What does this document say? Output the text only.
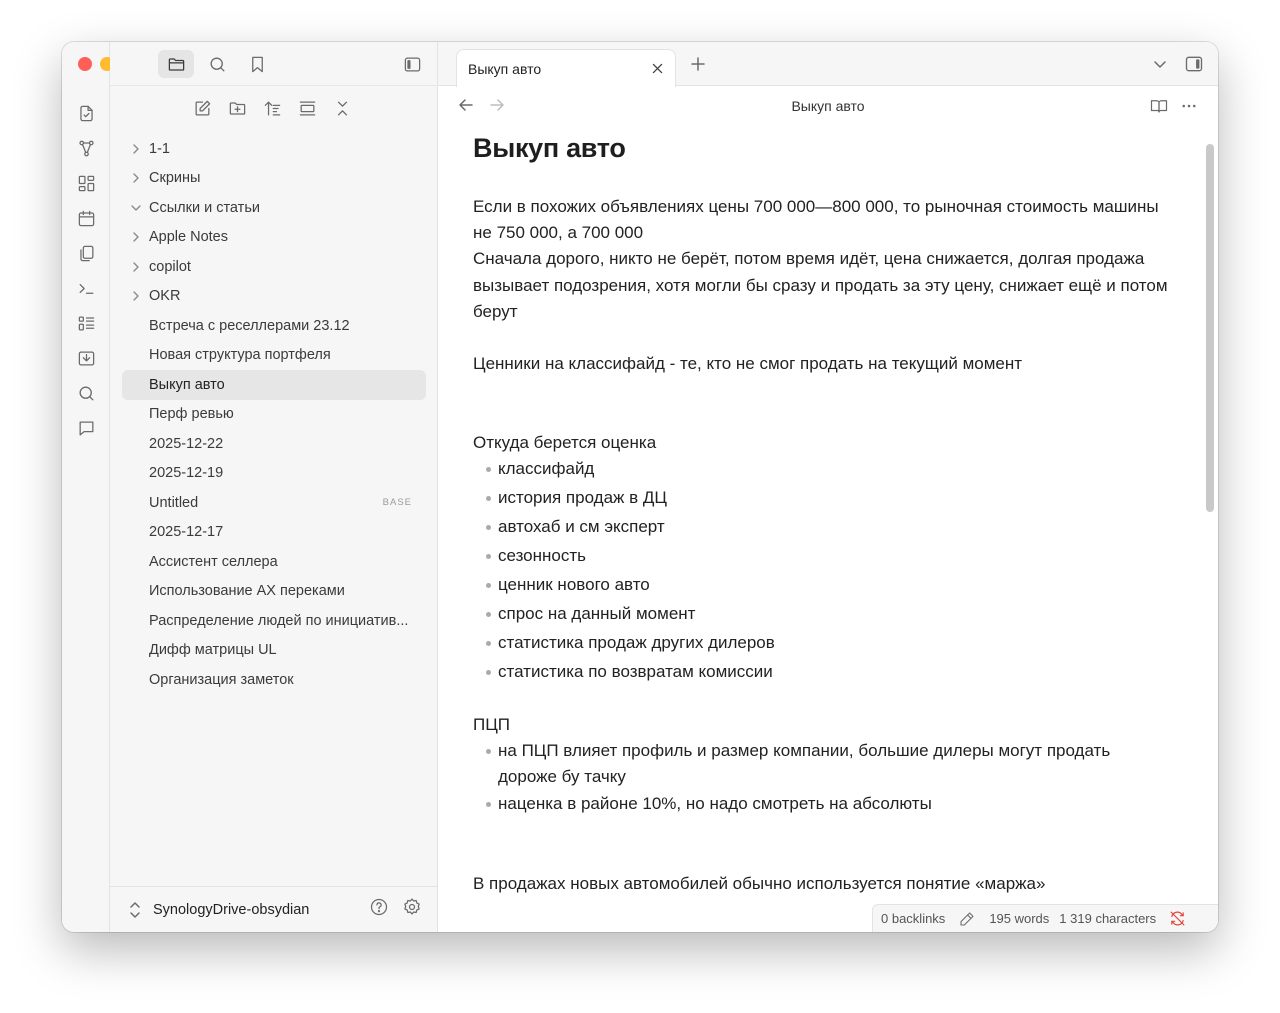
1-1
Скрины
Ссылки и статьи
Apple Notes
copilot
OKR
Встреча с реселлерами 23.12
Новая структура портфеля
Выкуп авто
Перф ревью
2025-12-22
2025-12-19
Untitled	BASE
2025-12-17
Ассистент селлера
Использование АХ переками
Распределение людей по инициатив...
Дифф матрицы UL
Организация заметок
SynologyDrive-obsydian
Выкуп авто
Выкуп авто
Выкуп авто
Если в похожих объявлениях цены 700 000—800 000, то рыночная стоимость машины не 750 000, а 700 000
Сначала дорого, никто не берёт, потом время идёт, цена снижается, долгая продажа вызывает подозрения, хотя могли бы сразу и продать за эту цену, снижает ещё и потом берут
Ценники на классифайд - те, кто не смог продать на текущий момент
Откуда берется оценка
классифайд
история продаж в ДЦ
автохаб и см эксперт
сезонность
ценник нового авто
спрос на данный момент
статистика продаж других дилеров
статистика по возвратам комиссии
ПЦП
на ПЦП влияет профиль и размер компании, большие дилеры могут продать дороже бу тачку
наценка в районе 10%, но надо смотреть на абсолюты
В продажах новых автомобилей обычно используется понятие «маржа»
0 backlinks	195 words 1 319 characters
